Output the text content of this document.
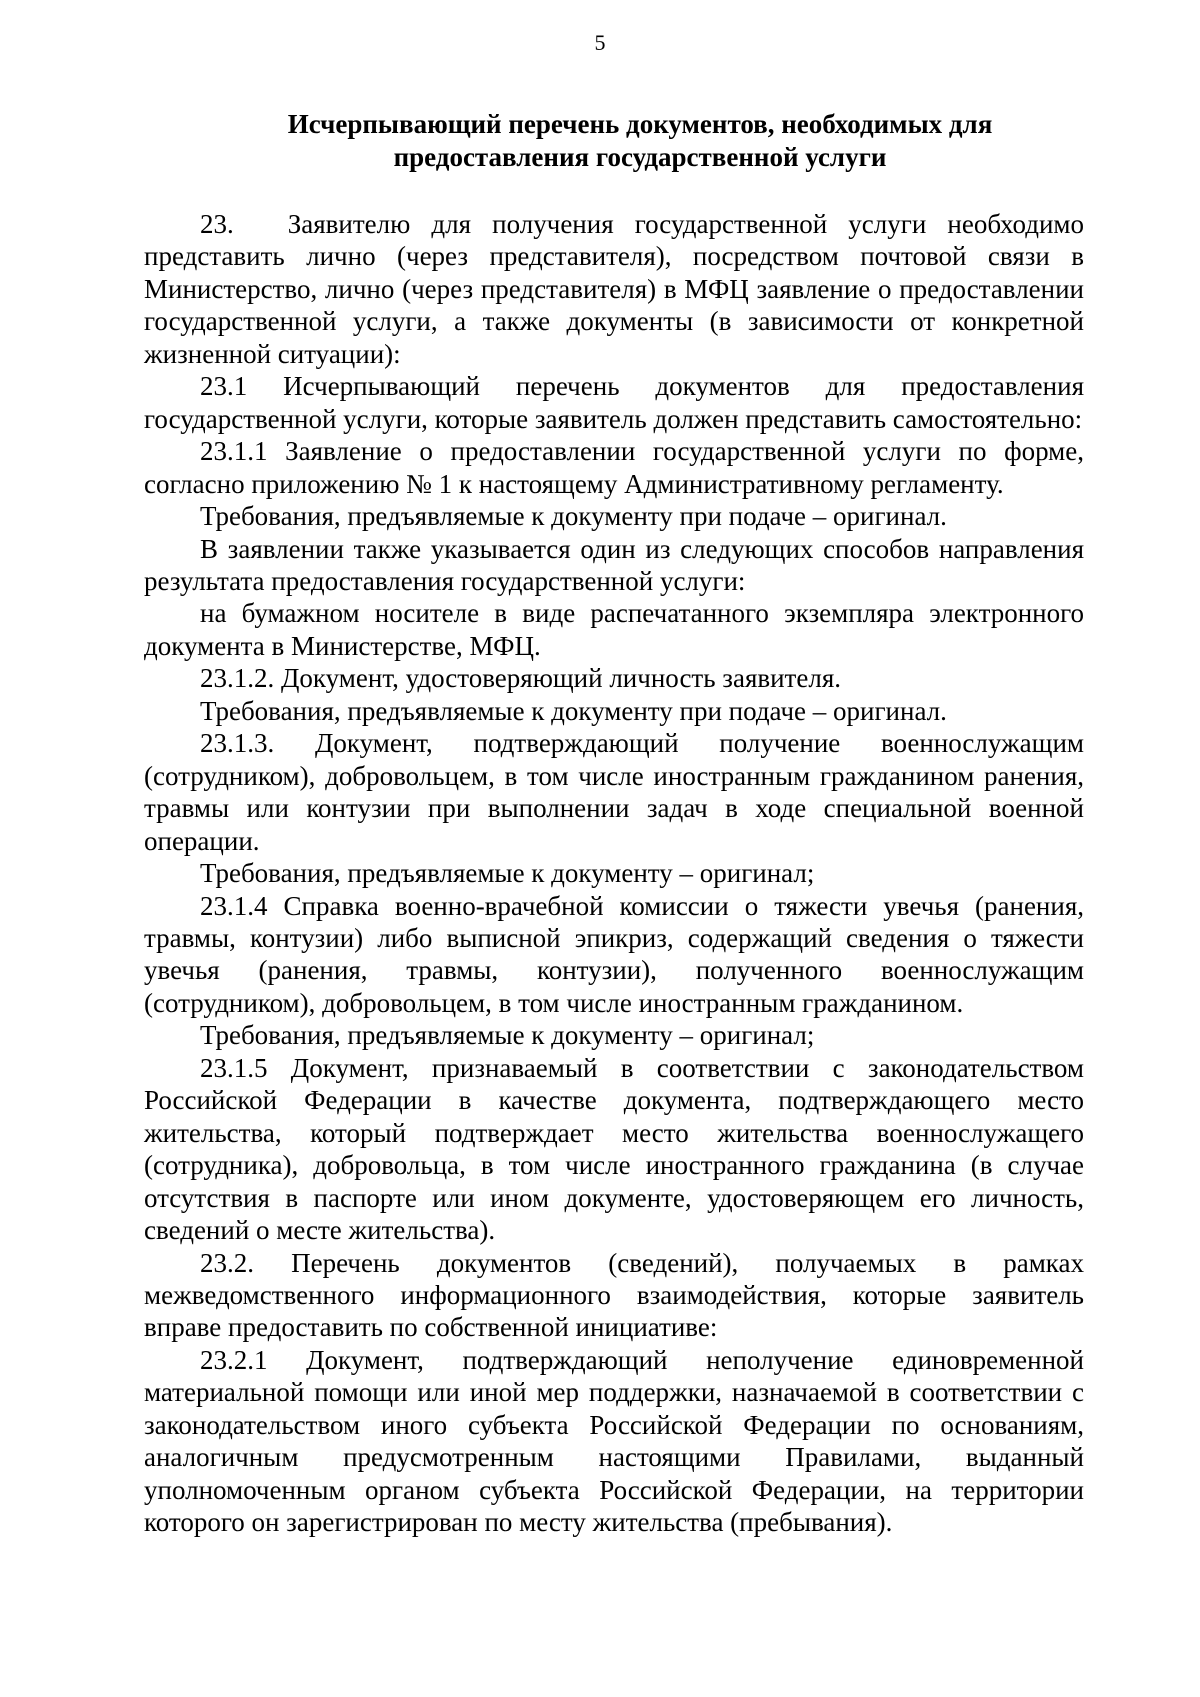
5
Исчерпывающий перечень документов, необходимых для
предоставления государственной услуги

23.  Заявителю для получения государственной услуги необходимо представить лично (через представителя), посредством почтовой связи в Министерство, лично (через представителя) в МФЦ заявление о предоставлении государственной услуги, а также документы (в зависимости от конкретной жизненной ситуации):

23.1 Исчерпывающий перечень документов для предоставления государственной услуги, которые заявитель должен представить самостоятельно:

23.1.1 Заявление о предоставлении государственной услуги по форме, согласно приложению № 1 к настоящему Административному регламенту.

Требования, предъявляемые к документу при подаче – оригинал.

В заявлении также указывается один из следующих способов направления результата предоставления государственной услуги:

на бумажном носителе в виде распечатанного экземпляра электронного документа в Министерстве, МФЦ.

23.1.2. Документ, удостоверяющий личность заявителя.

Требования, предъявляемые к документу при подаче – оригинал.

23.1.3. Документ, подтверждающий получение военнослужащим (сотрудником), добровольцем, в том числе иностранным гражданином ранения, травмы или контузии при выполнении задач в ходе специальной военной операции.

Требования, предъявляемые к документу – оригинал;

23.1.4 Справка военно-врачебной комиссии о тяжести увечья (ранения, травмы, контузии) либо выписной эпикриз, содержащий сведения о тяжести увечья (ранения, травмы, контузии), полученного военнослужащим (сотрудником), добровольцем, в том числе иностранным гражданином.

Требования, предъявляемые к документу – оригинал;

23.1.5 Документ, признаваемый в соответствии с законодательством Российской Федерации в качестве документа, подтверждающего место жительства, который подтверждает место жительства военнослужащего (сотрудника), добровольца, в том числе иностранного гражданина (в случае отсутствия в паспорте или ином документе, удостоверяющем его личность, сведений о месте жительства).

23.2. Перечень документов (сведений), получаемых в рамках межведомственного информационного взаимодействия, которые заявитель вправе предоставить по собственной инициативе:

23.2.1 Документ, подтверждающий неполучение единовременной материальной помощи или иной мер поддержки, назначаемой в соответствии с законодательством иного субъекта Российской Федерации по основаниям, аналогичным предусмотренным настоящими Правилами, выданный уполномоченным органом субъекта Российской Федерации, на территории которого он зарегистрирован по месту жительства (пребывания).
